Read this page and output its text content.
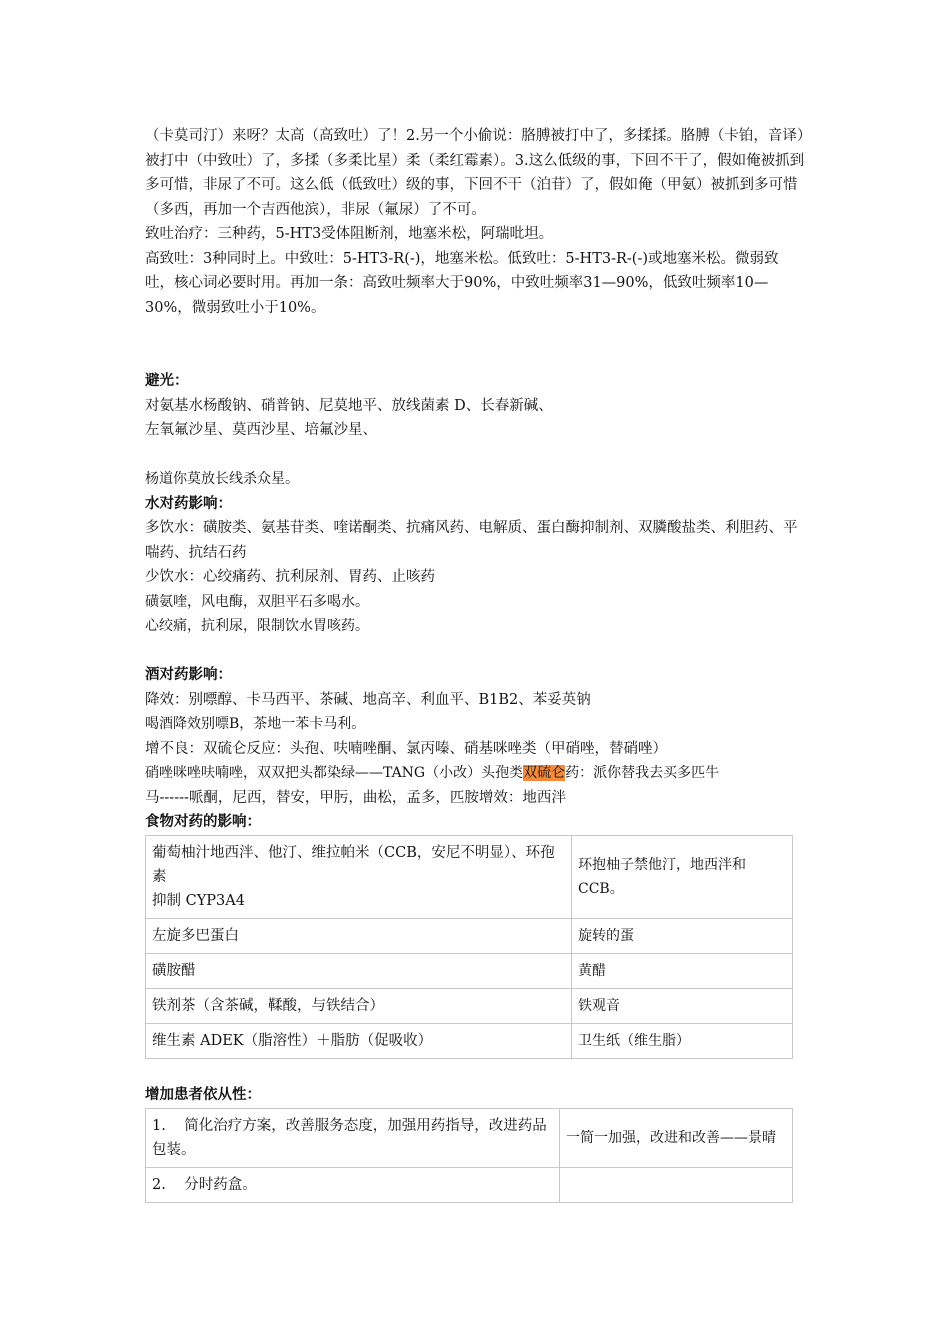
（卡莫司汀）来呀？太高（高致吐）了！2.另一个小偷说：胳膊被打中了，多揉揉。胳膊（卡铂，音译）被打中（中致吐）了，多揉（多柔比星）柔（柔红霉素）。3.这么低级的事，下回不干了，假如俺被抓到多可惜，非尿了不可。这么低（低致吐）级的事，下回不干（泊苷）了，假如俺（甲氨）被抓到多可惜（多西，再加一个吉西他滨），非尿（氟尿）了不可。

致吐治疗：三种药，5-HT3受体阻断剂，地塞米松，阿瑞吡坦。

高致吐：3种同时上。中致吐：5-HT3-R(-)，地塞米松。低致吐：5-HT3-R-(-)或地塞米松。微弱致吐，核心词必要时用。再加一条：高致吐频率大于90%，中致吐频率31—90%，低致吐频率10—30%，微弱致吐小于10%。

避光：

对氨基水杨酸钠、硝普钠、尼莫地平、放线菌素 D、长春新碱、

左氧氟沙星、莫西沙星、培氟沙星、

杨道你莫放长线杀众星。

水对药影响：

多饮水：磺胺类、氨基苷类、喹诺酮类、抗痛风药、电解质、蛋白酶抑制剂、双膦酸盐类、利胆药、平喘药、抗结石药

少饮水：心绞痛药、抗利尿剂、胃药、止咳药

磺氨喹，风电酶，双胆平石多喝水。

心绞痛，抗利尿，限制饮水胃咳药。

酒对药影响：

降效：别嘌醇、卡马西平、茶碱、地高辛、利血平、B1B2、苯妥英钠

喝酒降效别嘌B，茶地一苯卡马利。

增不良：双硫仑反应：头孢、呋喃唑酮、氯丙嗪、硝基咪唑类（甲硝唑，替硝唑）

硝唑咪唑呋喃唑，双双把头都染绿——TANG（小改）头孢类双硫仑药：派你替我去买多匹牛

马------哌酮，尼西，替安，甲肟，曲松，孟多，匹胺增效：地西泮

食物对药的影响：

葡萄柚汁地西泮、他汀、维拉帕米（CCB，安尼不明显）、环孢素
抑制 CYP3A4	环抱柚子禁他汀，地西泮和CCB。
左旋多巴蛋白	旋转的蛋
磺胺醋	黄醋
铁剂茶（含茶碱，鞣酸，与铁结合）	铁观音
维生素 ADEK（脂溶性）＋脂肪（促吸收）	卫生纸（维生脂）

增加患者依从性：

1. 简化治疗方案，改善服务态度，加强用药指导，改进药品包装。	一简一加强，改进和改善——景晴
2. 分时药盒。	
